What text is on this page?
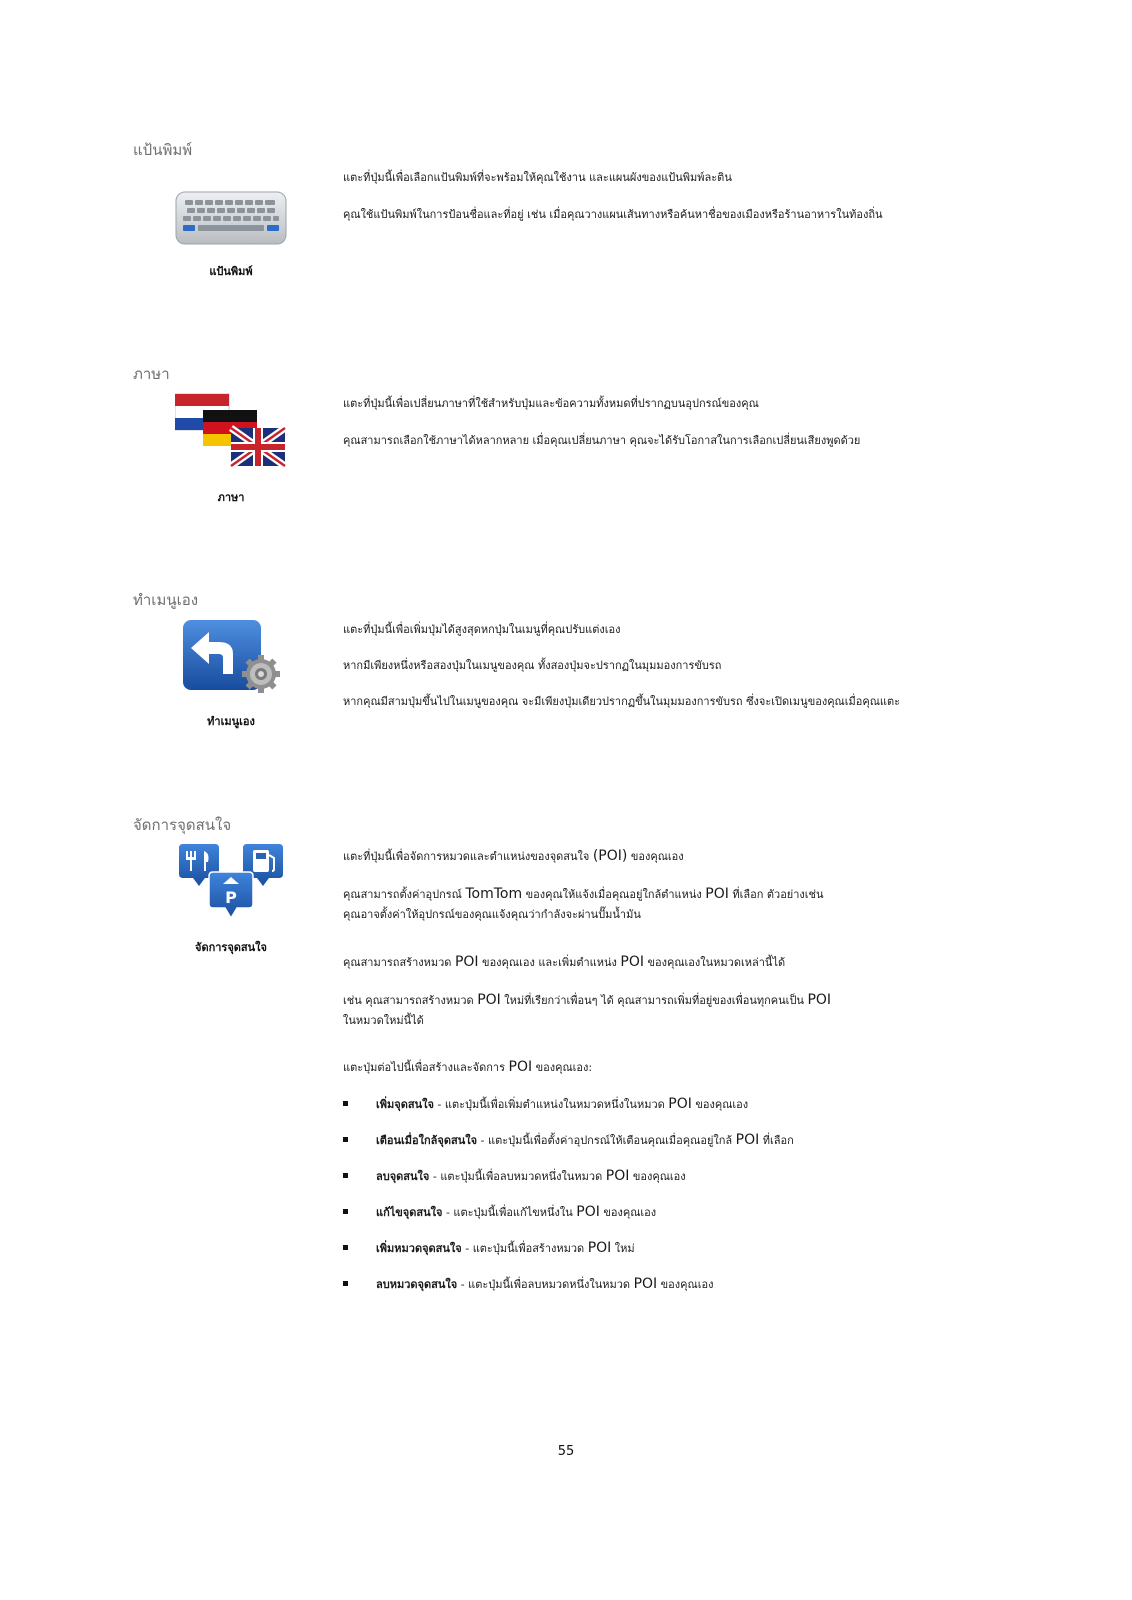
แป้นพิมพ์
แป้นพิมพ์

แตะที่ปุ่มนี้เพื่อเลือกแป้นพิมพ์ที่จะพร้อมให้คุณใช้งาน และแผนผังของแป้นพิมพ์ละติน

คุณใช้แป้นพิมพ์ในการป้อนชื่อและที่อยู่ เช่น เมื่อคุณวางแผนเส้นทางหรือค้นหาชื่อของเมืองหรือร้านอาหารในท้องถิ่น

ภาษา
ภาษา

แตะที่ปุ่มนี้เพื่อเปลี่ยนภาษาที่ใช้สำหรับปุ่มและข้อความทั้งหมดที่ปรากฏบนอุปกรณ์ของคุณ

คุณสามารถเลือกใช้ภาษาได้หลากหลาย เมื่อคุณเปลี่ยนภาษา คุณจะได้รับโอกาสในการเลือกเปลี่ยนเสียงพูดด้วย

ทำเมนูเอง
ทำเมนูเอง

แตะที่ปุ่มนี้เพื่อเพิ่มปุ่มได้สูงสุดหกปุ่มในเมนูที่คุณปรับแต่งเอง

หากมีเพียงหนึ่งหรือสองปุ่มในเมนูของคุณ ทั้งสองปุ่มจะปรากฏในมุมมองการขับรถ

หากคุณมีสามปุ่มขึ้นไปในเมนูของคุณ จะมีเพียงปุ่มเดียวปรากฏขึ้นในมุมมองการขับรถ ซึ่งจะเปิดเมนูของคุณเมื่อคุณแตะ

จัดการจุดสนใจ
P
จัดการจุดสนใจ

แตะที่ปุ่มนี้เพื่อจัดการหมวดและตำแหน่งของจุดสนใจ (POI) ของคุณเอง

คุณสามารถตั้งค่าอุปกรณ์ TomTom ของคุณให้แจ้งเมื่อคุณอยู่ใกล้ตำแหน่ง POI ที่เลือก ตัวอย่างเช่น
คุณอาจตั้งค่าให้อุปกรณ์ของคุณแจ้งคุณว่ากำลังจะผ่านปั๊มน้ำมัน

คุณสามารถสร้างหมวด POI ของคุณเอง และเพิ่มตำแหน่ง POI ของคุณเองในหมวดเหล่านี้ได้

เช่น คุณสามารถสร้างหมวด POI ใหม่ที่เรียกว่าเพื่อนๆ ได้ คุณสามารถเพิ่มที่อยู่ของเพื่อนทุกคนเป็น POI
ในหมวดใหม่นี้ได้

แตะปุ่มต่อไปนี้เพื่อสร้างและจัดการ POI ของคุณเอง:

เพิ่มจุดสนใจ - แตะปุ่มนี้เพื่อเพิ่มตำแหน่งในหมวดหนึ่งในหมวด POI ของคุณเอง
เตือนเมื่อใกล้จุดสนใจ - แตะปุ่มนี้เพื่อตั้งค่าอุปกรณ์ให้เตือนคุณเมื่อคุณอยู่ใกล้ POI ที่เลือก
ลบจุดสนใจ - แตะปุ่มนี้เพื่อลบหมวดหนึ่งในหมวด POI ของคุณเอง
แก้ไขจุดสนใจ - แตะปุ่มนี้เพื่อแก้ไขหนึ่งใน POI ของคุณเอง
เพิ่มหมวดจุดสนใจ - แตะปุ่มนี้เพื่อสร้างหมวด POI ใหม่
ลบหมวดจุดสนใจ - แตะปุ่มนี้เพื่อลบหมวดหนึ่งในหมวด POI ของคุณเอง
55
